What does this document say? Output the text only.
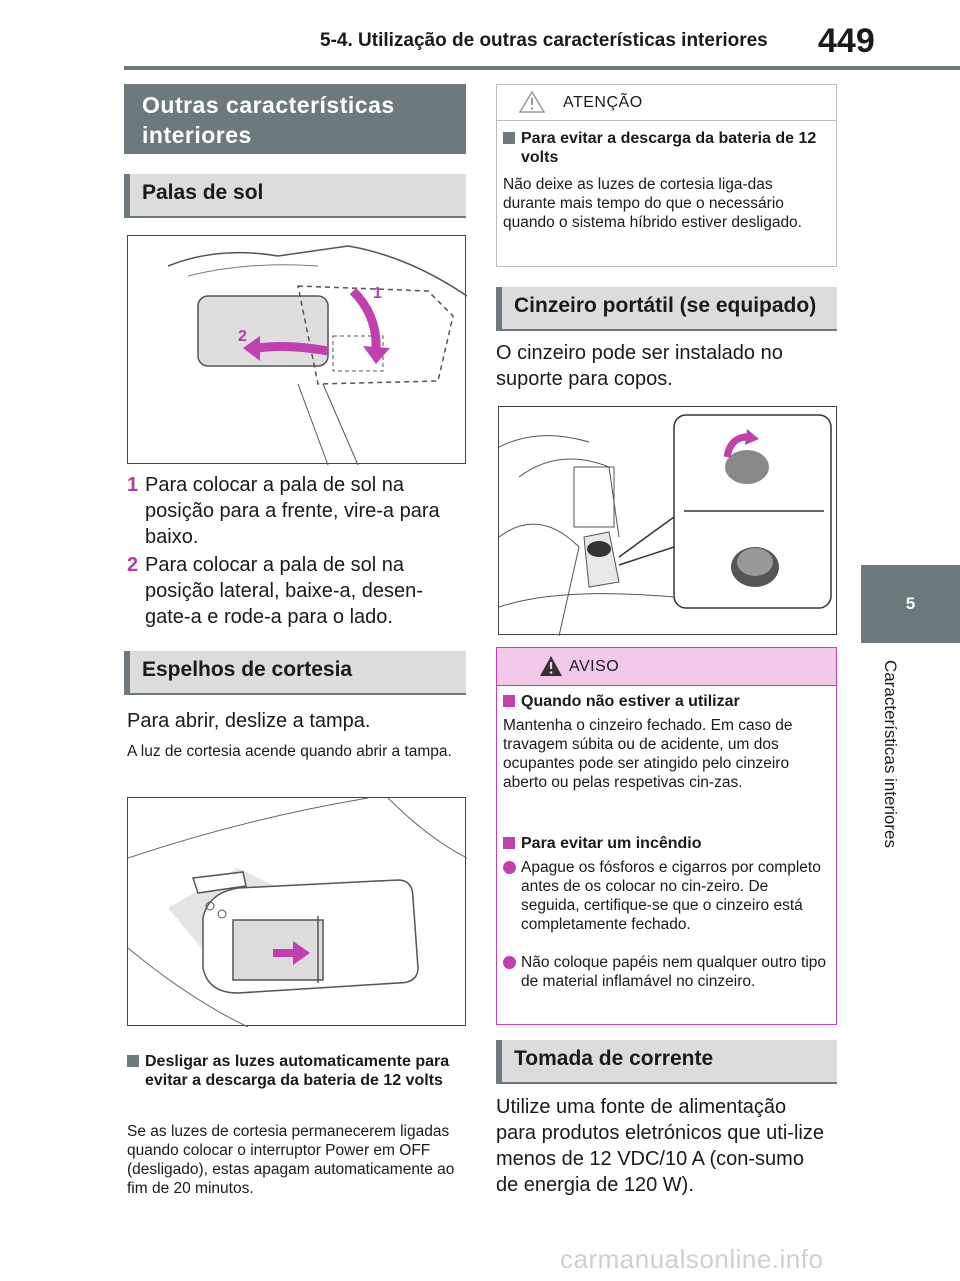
5-4. Utilização de outras características interiores 449
5
Características interiores
Outras características interiores
Palas de sol
1
2
1 Para colocar a pala de sol na posição para a frente, vire-a para baixo.
2 Para colocar a pala de sol na posição lateral, baixe-a, desen-gate-a e rode-a para o lado.
Espelhos de cortesia
Para abrir, deslize a tampa.
A luz de cortesia acende quando abrir a tampa.
Desligar as luzes automaticamente para evitar a descarga da bateria de 12 volts
Se as luzes de cortesia permanecerem ligadas quando colocar o interruptor Power em OFF (desligado), estas apagam automaticamente ao fim de 20 minutos.
ATENÇÃO
Para evitar a descarga da bateria de 12 volts
Não deixe as luzes de cortesia liga-das durante mais tempo do que o necessário quando o sistema híbrido estiver desligado.
Cinzeiro portátil (se equipado)
O cinzeiro pode ser instalado no suporte para copos.
AVISO
Quando não estiver a utilizar
Mantenha o cinzeiro fechado. Em caso de travagem súbita ou de acidente, um dos ocupantes pode ser atingido pelo cinzeiro aberto ou pelas respetivas cin-zas.
Para evitar um incêndio
Apague os fósforos e cigarros por completo antes de os colocar no cin-zeiro. De seguida, certifique-se que o cinzeiro está completamente fechado.
Não coloque papéis nem qualquer outro tipo de material inflamável no cinzeiro.
Tomada de corrente
Utilize uma fonte de alimentação para produtos eletrónicos que uti-lize menos de 12 VDC/10 A (con-sumo de energia de 120 W).
carmanualsonline.info
